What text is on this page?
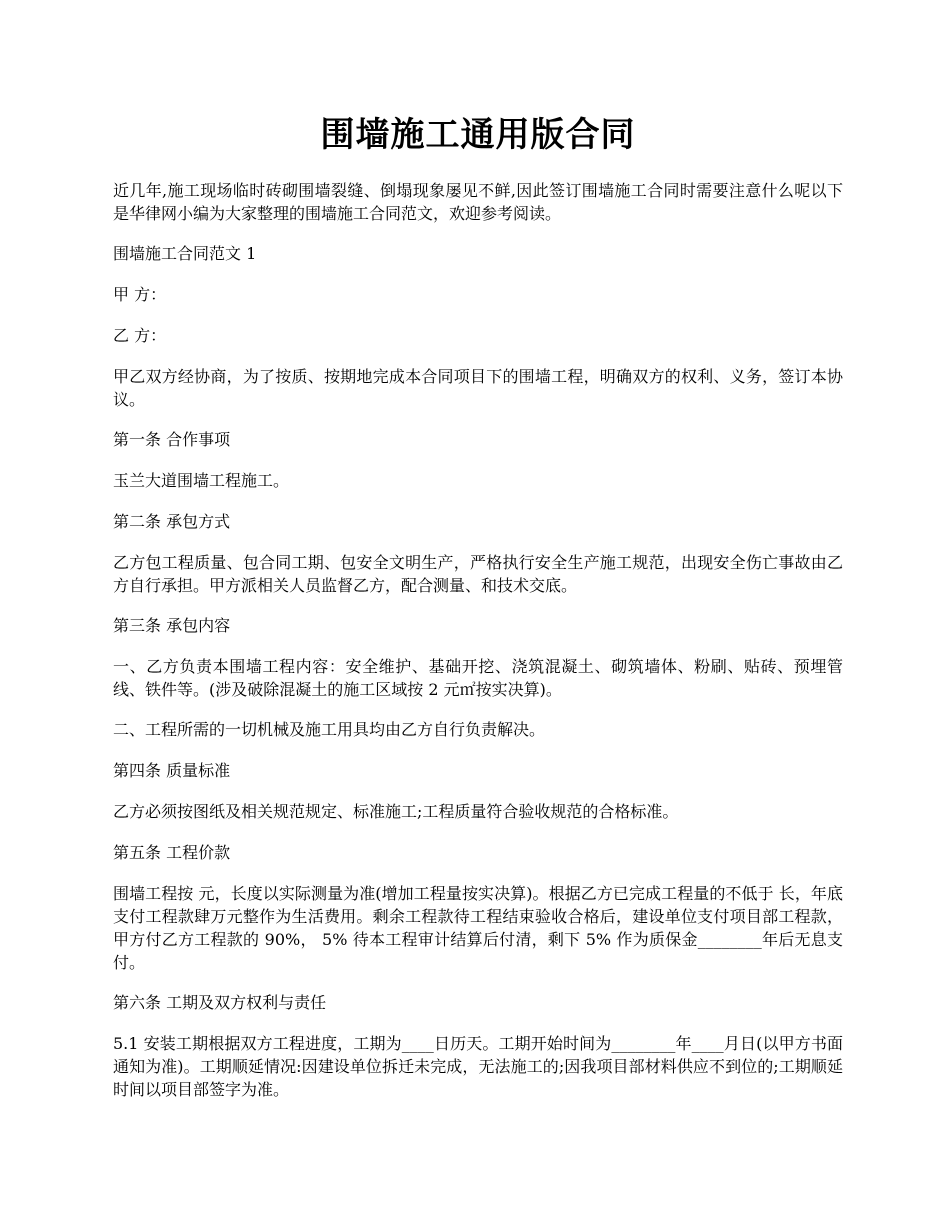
围墙施工通用版合同
近几年,施工现场临时砖砌围墙裂缝、倒塌现象屡见不鲜,因此签订围墙施工合同时需要注意什么呢以下是华律网小编为大家整理的围墙施工合同范文，欢迎参考阅读。
围墙施工合同范文 1
甲 方：
乙 方：
甲乙双方经协商，为了按质、按期地完成本合同项目下的围墙工程，明确双方的权利、义务，签订本协议。
第一条 合作事项
玉兰大道围墙工程施工。
第二条 承包方式
乙方包工程质量、包合同工期、包安全文明生产，严格执行安全生产施工规范，出现安全伤亡事故由乙方自行承担。甲方派相关人员监督乙方，配合测量、和技术交底。
第三条 承包内容
一、乙方负责本围墙工程内容：安全维护、基础开挖、浇筑混凝土、砌筑墙体、粉刷、贴砖、预埋管线、铁件等。(涉及破除混凝土的施工区域按 2 元㎡按实决算)。
二、工程所需的一切机械及施工用具均由乙方自行负责解决。
第四条 质量标准
乙方必须按图纸及相关规范规定、标准施工;工程质量符合验收规范的合格标准。
第五条 工程价款
围墙工程按 元，长度以实际测量为准(增加工程量按实决算)。根据乙方已完成工程量的不低于 长，年底支付工程款肆万元整作为生活费用。剩余工程款待工程结束验收合格后，建设单位支付项目部工程款，甲方付乙方工程款的 90%， 5% 待本工程审计结算后付清，剩下 5% 作为质保金________年后无息支付。
第六条 工期及双方权利与责任
5.1 安装工期根据双方工程进度，工期为____日历天。工期开始时间为________年____月日(以甲方书面通知为准)。工期顺延情况:因建设单位拆迁未完成，无法施工的;因我项目部材料供应不到位的;工期顺延时间以项目部签字为准。
